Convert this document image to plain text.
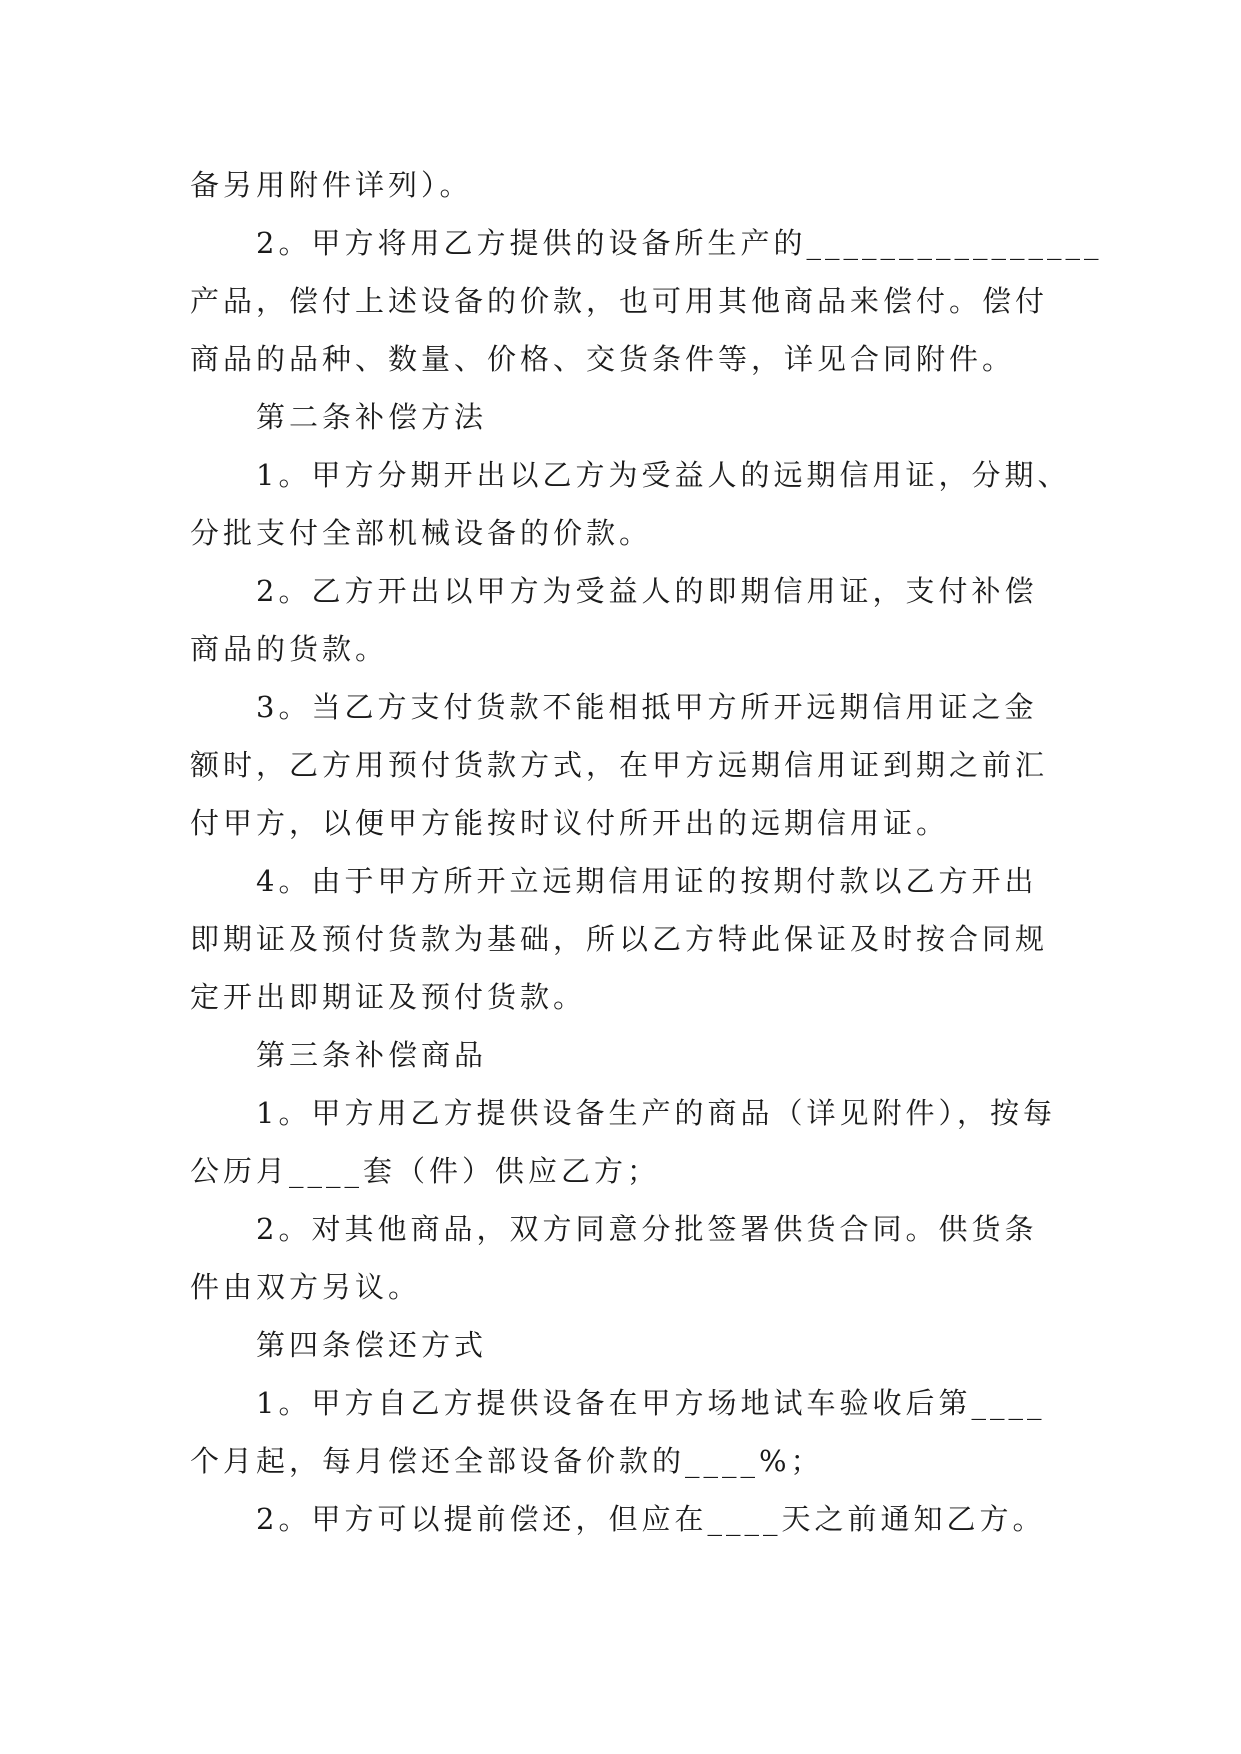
备另用附件详列）。
2。甲方将用乙方提供的设备所生产的________________
产品，偿付上述设备的价款，也可用其他商品来偿付。偿付
商品的品种、数量、价格、交货条件等，详见合同附件。
第二条补偿方法
1。甲方分期开出以乙方为受益人的远期信用证，分期、
分批支付全部机械设备的价款。
2。乙方开出以甲方为受益人的即期信用证，支付补偿
商品的货款。
3。当乙方支付货款不能相抵甲方所开远期信用证之金
额时，乙方用预付货款方式，在甲方远期信用证到期之前汇
付甲方，以便甲方能按时议付所开出的远期信用证。
4。由于甲方所开立远期信用证的按期付款以乙方开出
即期证及预付货款为基础，所以乙方特此保证及时按合同规
定开出即期证及预付货款。
第三条补偿商品
1。甲方用乙方提供设备生产的商品（详见附件），按每
公历月____套（件）供应乙方；
2。对其他商品，双方同意分批签署供货合同。供货条
件由双方另议。
第四条偿还方式
1。甲方自乙方提供设备在甲方场地试车验收后第____
个月起，每月偿还全部设备价款的____%；
2。甲方可以提前偿还，但应在____天之前通知乙方。
